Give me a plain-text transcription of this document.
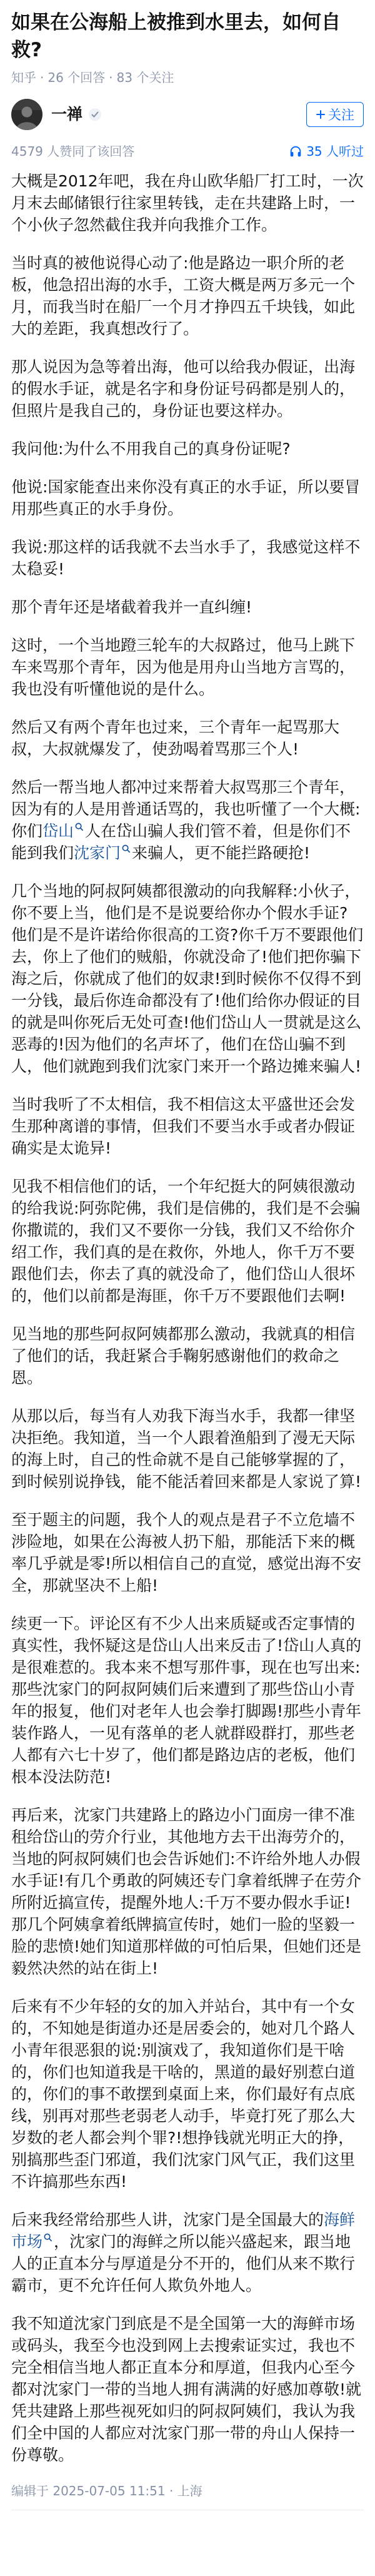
如果在公海船上被推到水里去，如何自救?
知乎 · 26 个回答 · 83 个关注
一禅	关注
4579 人赞同了该回答	35 人听过

大概是2012年吧，我在舟山欧华船厂打工时，一次月末去邮储银行往家里转钱，走在共建路上时，一个小伙子忽然截住我并向我推介工作。

当时真的被他说得心动了:他是路边一职介所的老板，他急招出海的水手，工资大概是两万多元一个月，而我当时在船厂一个月才挣四五千块钱，如此大的差距，我真想改行了。

那人说因为急等着出海，他可以给我办假证，出海的假水手证，就是名字和身份证号码都是别人的，但照片是我自己的，身份证也要这样办。

我问他:为什么不用我自己的真身份证呢?

他说:国家能查出来你没有真正的水手证，所以要冒用那些真正的水手身份。

我说:那这样的话我就不去当水手了，我感觉这样不太稳妥!

那个青年还是堵截着我并一直纠缠!

这时，一个当地蹬三轮车的大叔路过，他马上跳下车来骂那个青年，因为他是用舟山当地方言骂的，我也没有听懂他说的是什么。

然后又有两个青年也过来，三个青年一起骂那大叔，大叔就爆发了，使劲喝着骂那三个人!

然后一帮当地人都冲过来帮着大叔骂那三个青年，因为有的人是用普通话骂的，我也听懂了一个大概:你们岱山 人在岱山骗人我们管不着，但是你们不能到我们沈家门 来骗人，更不能拦路硬抢!

几个当地的阿叔阿姨都很激动的向我解释:小伙子，你不要上当，他们是不是说要给你办个假水手证? 他们是不是许诺给你很高的工资?你千万不要跟他们去，你上了他们的贼船，你就没命了!他们把你骗下海之后，你就成了他们的奴隶!到时候你不仅得不到一分钱，最后你连命都没有了!他们给你办假证的目的就是叫你死后无处可查!他们岱山人一贯就是这么恶毒的!因为他们的名声坏了，他们在岱山骗不到人，他们就跑到我们沈家门来开一个路边摊来骗人!

当时我听了不太相信，我不相信这太平盛世还会发生那种离谱的事情，但我们不要当水手或者办假证确实是太诡异!

见我不相信他们的话，一个年纪挺大的阿姨很激动的给我说:阿弥陀佛，我们是信佛的，我们是不会骗你撒谎的，我们又不要你一分钱，我们又不给你介绍工作，我们真的是在救你，外地人，你千万不要跟他们去，你去了真的就没命了，他们岱山人很坏的，他们以前都是海匪，你千万不要跟他们去啊!

见当地的那些阿叔阿姨都那么激动，我就真的相信了他们的话，我赶紧合手鞠躬感谢他们的救命之恩。

从那以后，每当有人劝我下海当水手，我都一律坚决拒绝。我知道，当一个人跟着渔船到了漫无天际的海上时，自己的性命就不是自己能够掌握的了，到时候别说挣钱，能不能活着回来都是人家说了算!

至于题主的问题，我个人的观点是君子不立危墙不涉险地，如果在公海被人扔下船，那能活下来的概率几乎就是零!所以相信自己的直觉，感觉出海不安全，那就坚决不上船!

续更一下。评论区有不少人出来质疑或否定事情的真实性，我怀疑这是岱山人出来反击了!岱山人真的是很难惹的。我本来不想写那件事，现在也写出来:那些沈家门的阿叔阿姨们后来遭到了那些岱山小青年的报复，他们对老年人也会拳打脚踢!那些小青年装作路人，一见有落单的老人就群殴群打，那些老人都有六七十岁了，他们都是路边店的老板，他们根本没法防范!

再后来，沈家门共建路上的路边小门面房一律不准租给岱山的劳介行业，其他地方去干出海劳介的，当地的阿叔阿姨们也会告诉她们:不许给外地人办假水手证!有几个勇敢的阿姨还专门拿着纸牌子在劳介所附近搞宣传，提醒外地人:千万不要办假水手证!那几个阿姨拿着纸牌搞宣传时，她们一脸的坚毅一脸的悲愤!她们知道那样做的可怕后果，但她们还是毅然决然的站在街上!

后来有不少年轻的女的加入并站台，其中有一个女的，不知她是街道办还是居委会的，她对几个路人小青年很恶狠的说:别演戏了，我知道你们是干啥的，你们也知道我是干啥的，黑道的最好别惹白道的，你们的事不敢摆到桌面上来，你们最好有点底线，别再对那些老弱老人动手，毕竟打死了那么大岁数的老人都会判个罪?!想挣钱就光明正大的挣，别搞那些歪门邪道，我们沈家门风气正，我们这里不许搞那些东西!

后来我经常给那些人讲，沈家门是全国最大的海鲜市场 ，沈家门的海鲜之所以能兴盛起来，跟当地人的正直本分与厚道是分不开的，他们从来不欺行霸市，更不允许任何人欺负外地人。

我不知道沈家门到底是不是全国第一大的海鲜市场或码头，我至今也没到网上去搜索证实过，我也不完全相信当地人都正直本分和厚道，但我内心至今都对沈家门一带的当地人拥有满满的好感加尊敬!就凭共建路上那些视死如归的阿叔阿姨们，我认为我们全中国的人都应对沈家门那一带的舟山人保持一份尊敬。

编辑于 2025-07-05 11:51 · 上海
